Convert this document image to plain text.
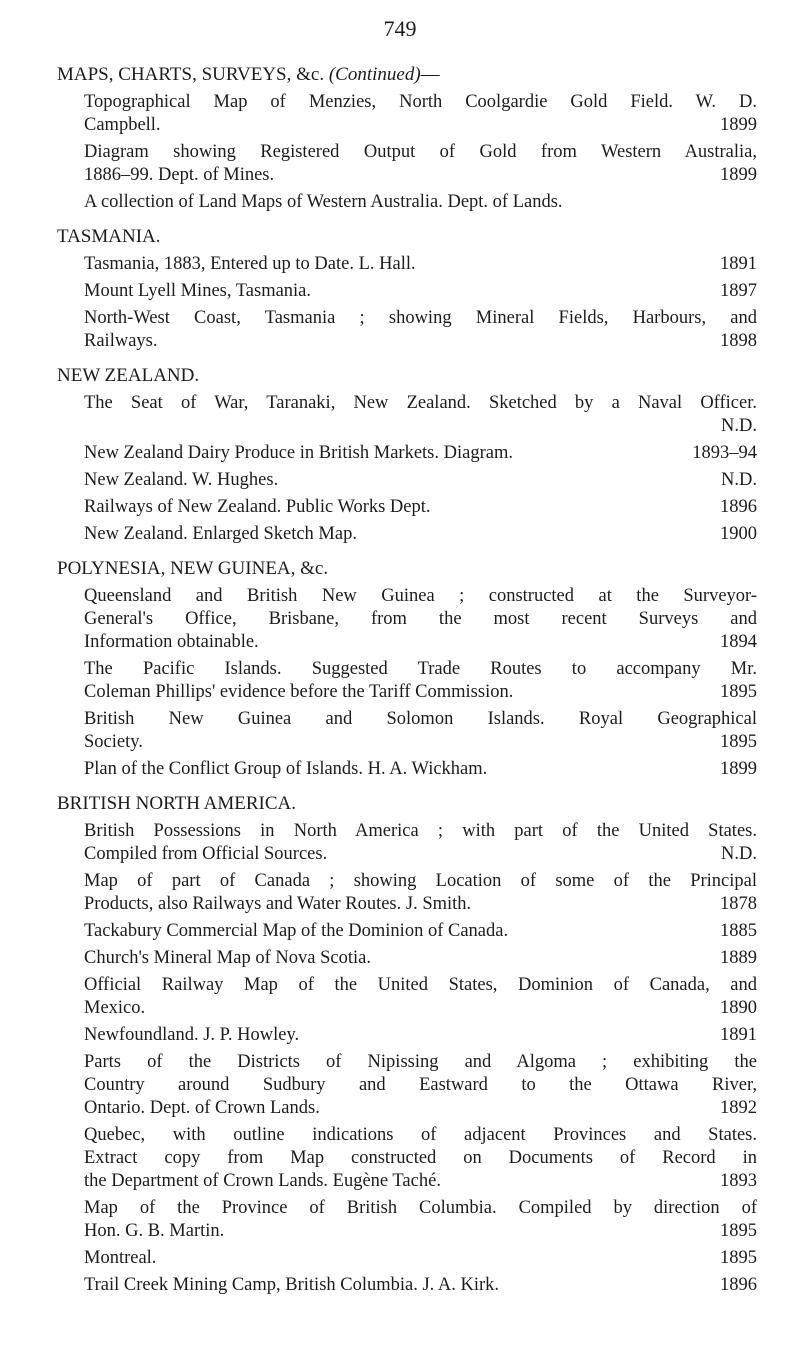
749
MAPS, CHARTS, SURVEYS, &c. (Continued)—
Topographical Map of Menzies, North Coolgardie Gold Field. W. D.
Campbell.	1899
Diagram showing Registered Output of Gold from Western Australia,
1886–99. Dept. of Mines.	1899
A collection of Land Maps of Western Australia. Dept. of Lands.
TASMANIA.
Tasmania, 1883, Entered up to Date. L. Hall.	1891
Mount Lyell Mines, Tasmania.	1897
North-West Coast, Tasmania ; showing Mineral Fields, Harbours, and
Railways.	1898
NEW ZEALAND.
The Seat of War, Taranaki, New Zealand. Sketched by a Naval Officer.
N.D.
New Zealand Dairy Produce in British Markets. Diagram.	1893–94
New Zealand. W. Hughes.	N.D.
Railways of New Zealand. Public Works Dept.	1896
New Zealand. Enlarged Sketch Map.	1900
POLYNESIA, NEW GUINEA, &c.
Queensland and British New Guinea ; constructed at the Surveyor-
General's Office, Brisbane, from the most recent Surveys and
Information obtainable.	1894
The Pacific Islands. Suggested Trade Routes to accompany Mr.
Coleman Phillips' evidence before the Tariff Commission.	1895
British New Guinea and Solomon Islands. Royal Geographical
Society.	1895
Plan of the Conflict Group of Islands. H. A. Wickham.	1899
BRITISH NORTH AMERICA.
British Possessions in North America ; with part of the United States.
Compiled from Official Sources.	N.D.
Map of part of Canada ; showing Location of some of the Principal
Products, also Railways and Water Routes. J. Smith.	1878
Tackabury Commercial Map of the Dominion of Canada.	1885
Church's Mineral Map of Nova Scotia.	1889
Official Railway Map of the United States, Dominion of Canada, and
Mexico.	1890
Newfoundland. J. P. Howley.	1891
Parts of the Districts of Nipissing and Algoma ; exhibiting the
Country around Sudbury and Eastward to the Ottawa River,
Ontario. Dept. of Crown Lands.	1892
Quebec, with outline indications of adjacent Provinces and States.
Extract copy from Map constructed on Documents of Record in
the Department of Crown Lands. Eugène Taché.	1893
Map of the Province of British Columbia. Compiled by direction of
Hon. G. B. Martin.	1895
Montreal.	1895
Trail Creek Mining Camp, British Columbia. J. A. Kirk.	1896
